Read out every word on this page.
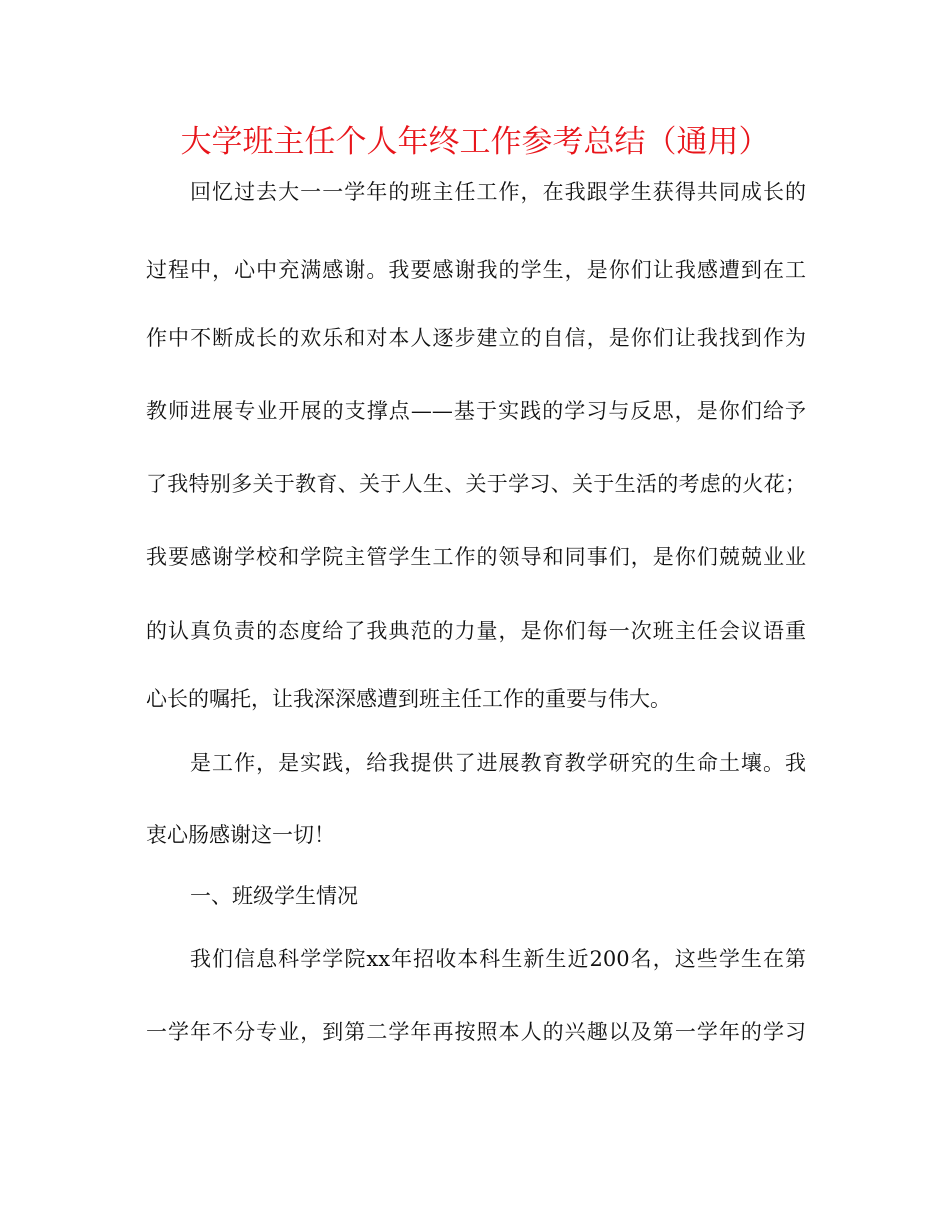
大学班主任个人年终工作参考总结（通用）
回忆过去大一一学年的班主任工作，在我跟学生获得共同成长的
过程中，心中充满感谢。我要感谢我的学生，是你们让我感遭到在工
作中不断成长的欢乐和对本人逐步建立的自信，是你们让我找到作为
教师进展专业开展的支撑点——基于实践的学习与反思，是你们给予
了我特别多关于教育、关于人生、关于学习、关于生活的考虑的火花；
我要感谢学校和学院主管学生工作的领导和同事们，是你们兢兢业业
的认真负责的态度给了我典范的力量，是你们每一次班主任会议语重
心长的嘱托，让我深深感遭到班主任工作的重要与伟大。
是工作，是实践，给我提供了进展教育教学研究的生命土壤。我
衷心肠感谢这一切！
一、班级学生情况
我们信息科学学院xx年招收本科生新生近200名，这些学生在第
一学年不分专业，到第二学年再按照本人的兴趣以及第一学年的学习
